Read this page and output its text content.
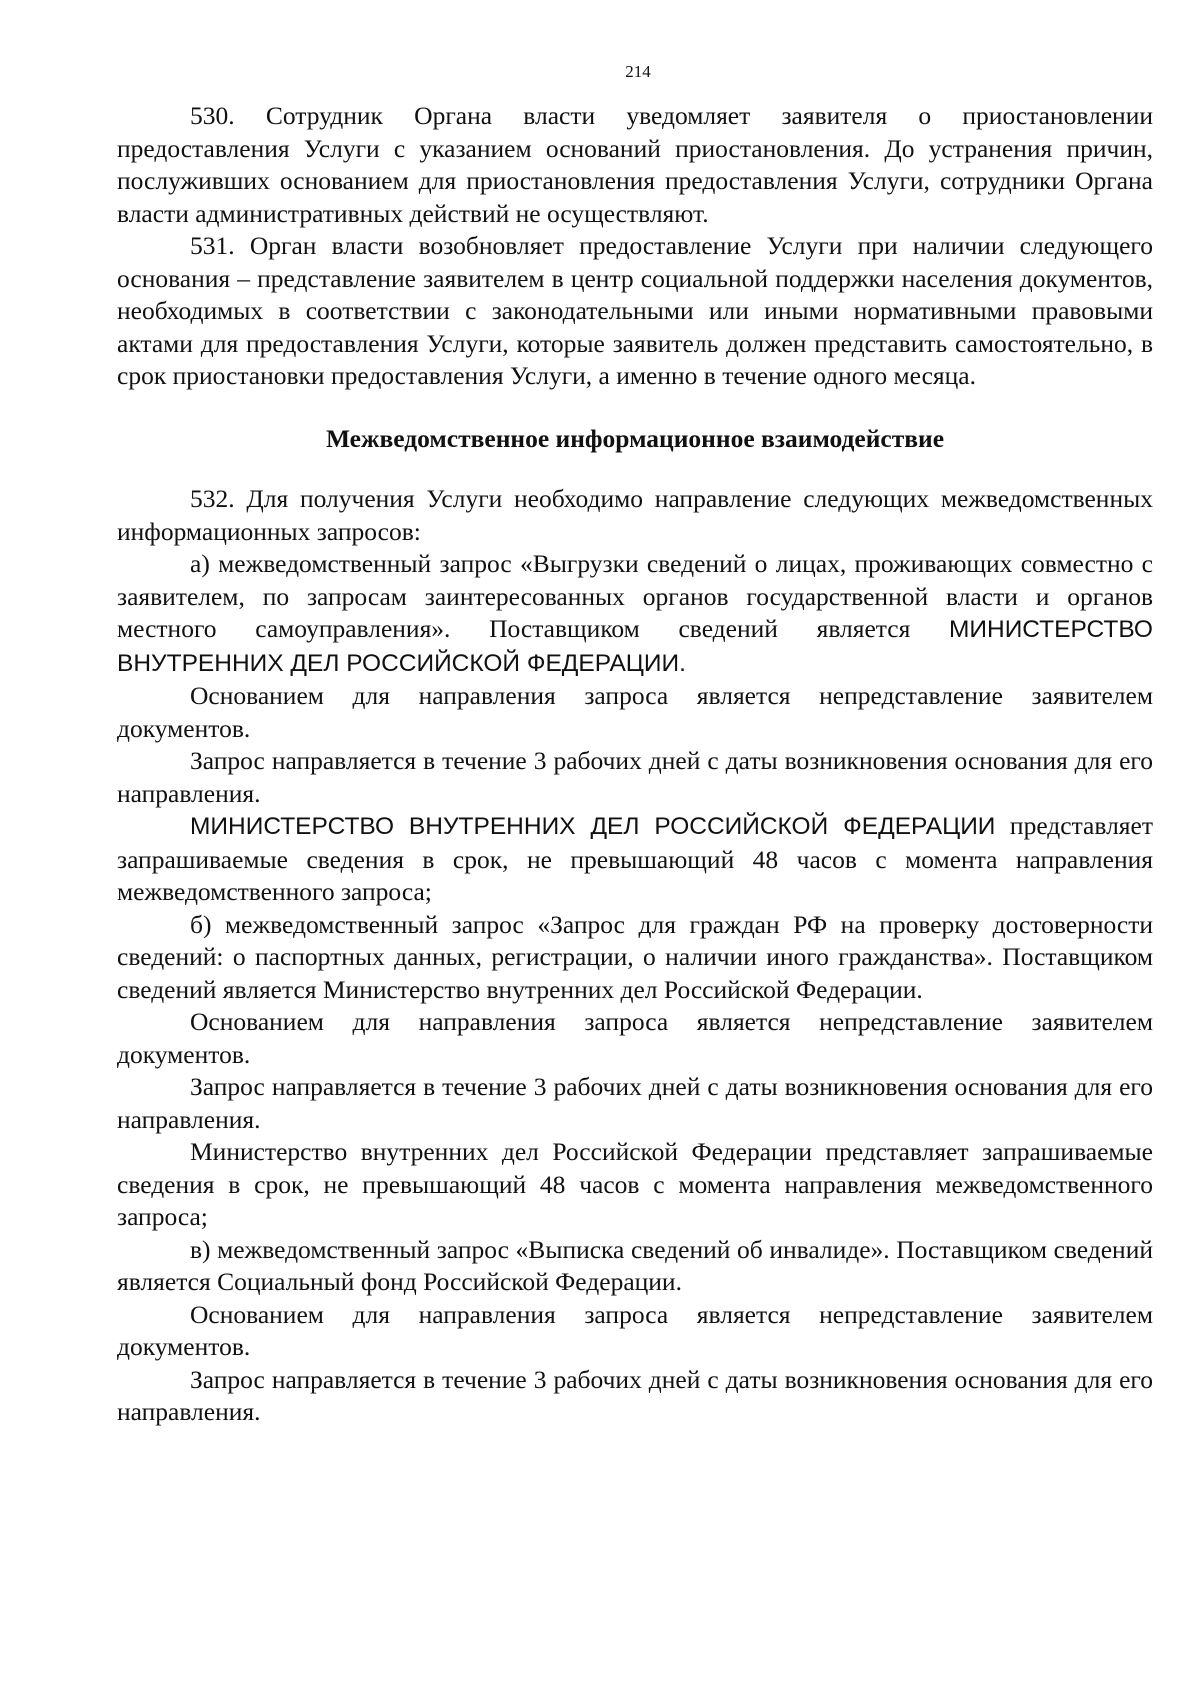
214

530. Сотрудник Органа власти уведомляет заявителя о приостановлении предоставления Услуги с указанием оснований приостановления. До устранения причин, послуживших основанием для приостановления предоставления Услуги, сотрудники Органа власти административных действий не осуществляют.

531. Орган власти возобновляет предоставление Услуги при наличии следующего основания – представление заявителем в центр социальной поддержки населения документов, необходимых в соответствии с законодательными или иными нормативными правовыми актами для предоставления Услуги, которые заявитель должен представить самостоятельно, в срок приостановки предоставления Услуги, а именно в течение одного месяца.

Межведомственное информационное взаимодействие

532. Для получения Услуги необходимо направление следующих межведомственных информационных запросов:

а) межведомственный запрос «Выгрузки сведений о лицах, проживающих совместно с заявителем, по запросам заинтересованных органов государственной власти и органов местного самоуправления». Поставщиком сведений является МИНИСТЕРСТВО ВНУТРЕННИХ ДЕЛ РОССИЙСКОЙ ФЕДЕРАЦИИ.

Основанием для направления запроса является непредставление заявителем документов.

Запрос направляется в течение 3 рабочих дней с даты возникновения основания для его направления.

МИНИСТЕРСТВО ВНУТРЕННИХ ДЕЛ РОССИЙСКОЙ ФЕДЕРАЦИИ представляет запрашиваемые сведения в срок, не превышающий 48 часов с момента направления межведомственного запроса;

б) межведомственный запрос «Запрос для граждан РФ на проверку достоверности сведений: о паспортных данных, регистрации, о наличии иного гражданства». Поставщиком сведений является Министерство внутренних дел Российской Федерации.

Основанием для направления запроса является непредставление заявителем документов.

Запрос направляется в течение 3 рабочих дней с даты возникновения основания для его направления.

Министерство внутренних дел Российской Федерации представляет запрашиваемые сведения в срок, не превышающий 48 часов с момента направления межведомственного запроса;

в) межведомственный запрос «Выписка сведений об инвалиде». Поставщиком сведений является Социальный фонд Российской Федерации.

Основанием для направления запроса является непредставление заявителем документов.

Запрос направляется в течение 3 рабочих дней с даты возникновения основания для его направления.
